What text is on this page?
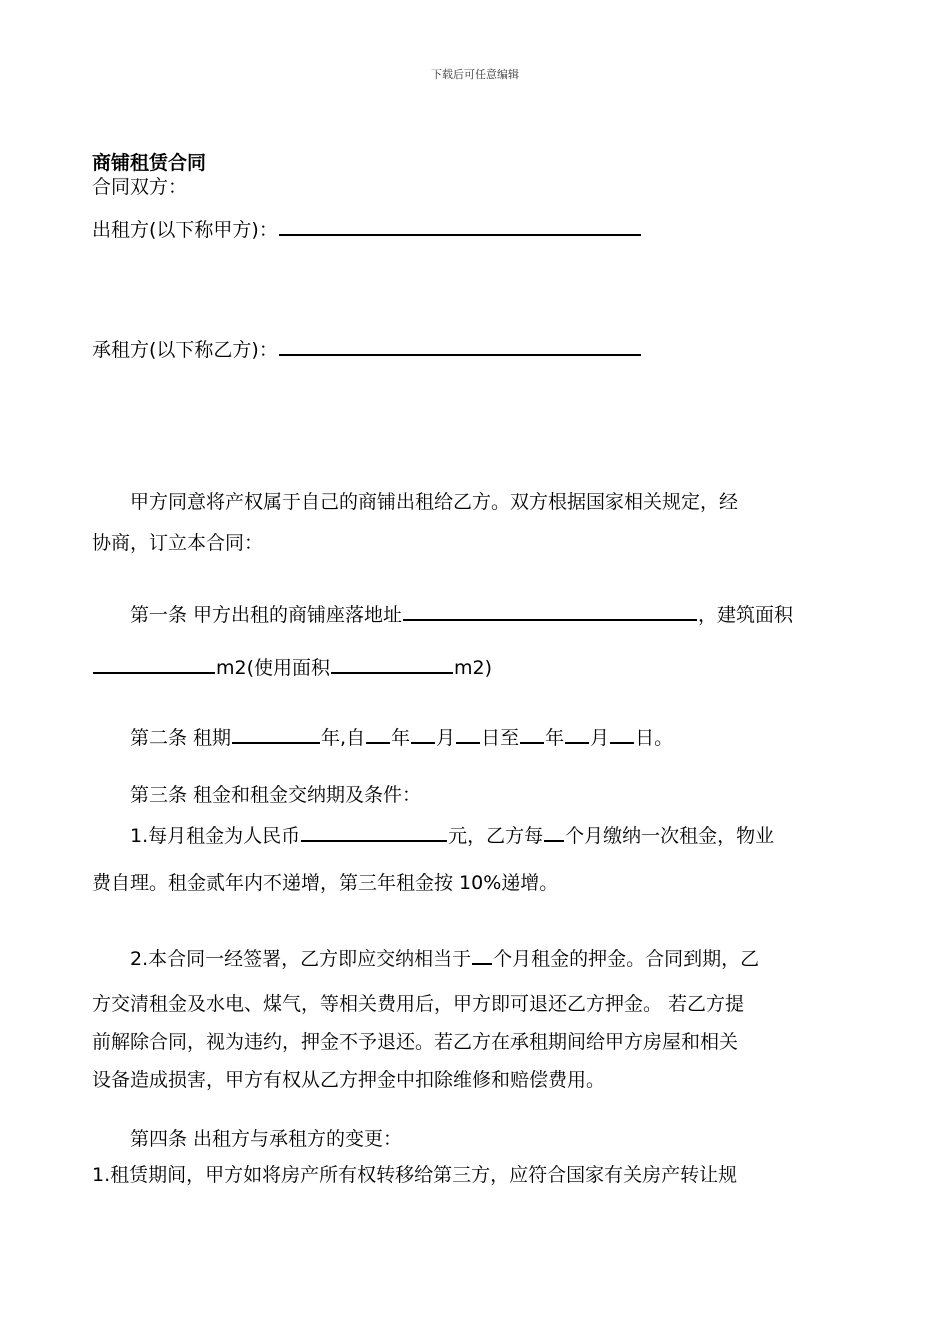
下载后可任意编辑
商铺租赁合同
合同双方：
出租方(以下称甲方)：
承租方(以下称乙方)：
甲方同意将产权属于自己的商铺出租给乙方。双方根据国家相关规定，经
协商，订立本合同：
第一条 甲方出租的商铺座落地址	，建筑面积
m2(使用面积	m2)
第二条 租期	年,自 年 月 日至 年 月 日。
第三条 租金和租金交纳期及条件：
1.每月租金为人民币	元，乙方每 个月缴纳一次租金，物业
费自理。租金贰年内不递增，第三年租金按 10%递增。
2.本合同一经签署，乙方即应交纳相当于 个月租金的押金。合同到期，乙
方交清租金及水电、煤气，等相关费用后，甲方即可退还乙方押金。 若乙方提
前解除合同，视为违约，押金不予退还。若乙方在承租期间给甲方房屋和相关
设备造成损害，甲方有权从乙方押金中扣除维修和赔偿费用。
第四条 出租方与承租方的变更：
1.租赁期间，甲方如将房产所有权转移给第三方，应符合国家有关房产转让规
